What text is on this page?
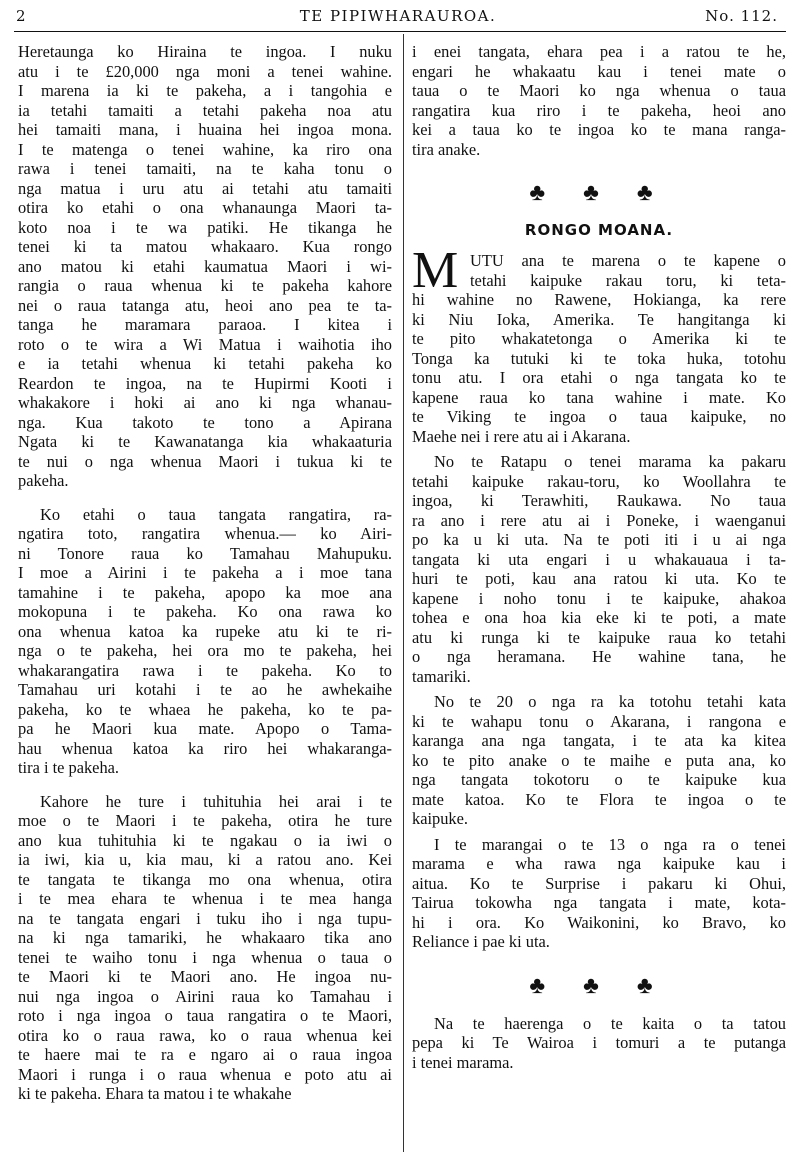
2	TE PIPIWHARAUROA.	No. 112.
Heretaunga ko Hiraina te ingoa. I nuku
atu i te £20,000 nga moni a tenei wahine.
I marena ia ki te pakeha, a i tangohia e
ia tetahi tamaiti a tetahi pakeha noa atu
hei tamaiti mana, i huaina hei ingoa mona.
I te matenga o tenei wahine, ka riro ona
rawa i tenei tamaiti, na te kaha tonu o
nga matua i uru atu ai tetahi atu tamaiti
otira ko etahi o ona whanaunga Maori ta-
koto noa i te wa patiki. He tikanga he
tenei ki ta matou whakaaro. Kua rongo
ano matou ki etahi kaumatua Maori i wi-
rangia o raua whenua ki te pakeha kahore
nei o raua tatanga atu, heoi ano pea te ta-
tanga he maramara paraoa. I kitea i
roto o te wira a Wi Matua i waihotia iho
e ia tetahi whenua ki tetahi pakeha ko
Reardon te ingoa, na te Hupirmi Kooti i
whakakore i hoki ai ano ki nga whanau-
nga. Kua takoto te tono a Apirana
Ngata ki te Kawanatanga kia whakaaturia
te nui o nga whenua Maori i tukua ki te
pakeha.
Ko etahi o taua tangata rangatira, ra-
ngatira toto, rangatira whenua.— ko Airi-
ni Tonore raua ko Tamahau Mahupuku.
I moe a Airini i te pakeha a i moe tana
tamahine i te pakeha, apopo ka moe ana
mokopuna i te pakeha. Ko ona rawa ko
ona whenua katoa ka rupeke atu ki te ri-
nga o te pakeha, hei ora mo te pakeha, hei
whakarangatira rawa i te pakeha. Ko to
Tamahau uri kotahi i te ao he awhekaihe
pakeha, ko te whaea he pakeha, ko te pa-
pa he Maori kua mate. Apopo o Tama-
hau whenua katoa ka riro hei whakaranga-
tira i te pakeha.
Kahore he ture i tuhituhia hei arai i te
moe o te Maori i te pakeha, otira he ture
ano kua tuhituhia ki te ngakau o ia iwi o
ia iwi, kia u, kia mau, ki a ratou ano. Kei
te tangata te tikanga mo ona whenua, otira
i te mea ehara te whenua i te mea hanga
na te tangata engari i tuku iho i nga tupu-
na ki nga tamariki, he whakaaro tika ano
tenei te waiho tonu i nga whenua o taua o
te Maori ki te Maori ano. He ingoa nu-
nui nga ingoa o Airini raua ko Tamahau i
roto i nga ingoa o taua rangatira o te Maori,
otira ko o raua rawa, ko o raua whenua kei
te haere mai te ra e ngaro ai o raua ingoa
Maori i runga i o raua whenua e poto atu ai
ki te pakeha. Ehara ta matou i te whakahe
i enei tangata, ehara pea i a ratou te he,
engari he whakaatu kau i tenei mate o
taua o te Maori ko nga whenua o taua
rangatira kua riro i te pakeha, heoi ano
kei a taua ko te ingoa ko te mana ranga-
tira anake.
♣ ♣ ♣
RONGO MOANA.
M UTU ana te marena o te kapene o
tetahi kaipuke rakau toru, ki teta-
hi wahine no Rawene, Hokianga, ka rere
ki Niu Ioka, Amerika. Te hangitanga ki
te pito whakatetonga o Amerika ki te
Tonga ka tutuki ki te toka huka, totohu
tonu atu. I ora etahi o nga tangata ko te
kapene raua ko tana wahine i mate. Ko
te Viking te ingoa o taua kaipuke, no
Maehe nei i rere atu ai i Akarana.
No te Ratapu o tenei marama ka pakaru
tetahi kaipuke rakau-toru, ko Woollahra te
ingoa, ki Terawhiti, Raukawa. No taua
ra ano i rere atu ai i Poneke, i waenganui
po ka u ki uta. Na te poti iti i u ai nga
tangata ki uta engari i u whakauaua i ta-
huri te poti, kau ana ratou ki uta. Ko te
kapene i noho tonu i te kaipuke, ahakoa
tohea e ona hoa kia eke ki te poti, a mate
atu ki runga ki te kaipuke raua ko tetahi
o nga heramana. He wahine tana, he
tamariki.
No te 20 o nga ra ka totohu tetahi kata
ki te wahapu tonu o Akarana, i rangona e
karanga ana nga tangata, i te ata ka kitea
ko te pito anake o te maihe e puta ana, ko
nga tangata tokotoru o te kaipuke kua
mate katoa. Ko te Flora te ingoa o te
kaipuke.
I te marangai o te 13 o nga ra o tenei
marama e wha rawa nga kaipuke kau i
aitua. Ko te Surprise i pakaru ki Ohui,
Tairua tokowha nga tangata i mate, kota-
hi i ora. Ko Waikonini, ko Bravo, ko
Reliance i pae ki uta.
♣ ♣ ♣
Na te haerenga o te kaita o ta tatou
pepa ki Te Wairoa i tomuri a te putanga
i tenei marama.
